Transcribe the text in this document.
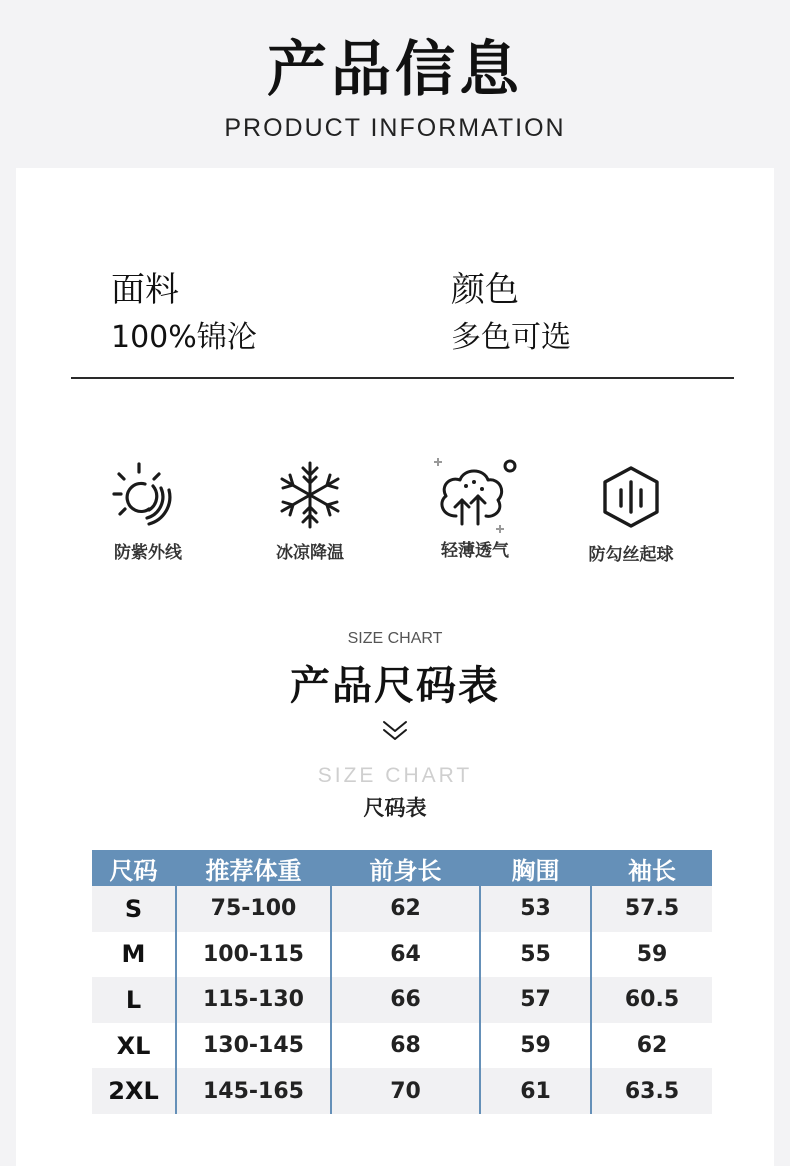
产品信息
PRODUCT INFORMATION
面料
100%锦沦
颜色
多色可选
防紫外线	冰凉降温	轻薄透气	防勾丝起球
SIZE CHART
产品尺码表
SIZE CHART
尺码表
尺码	推荐体重	前身长	胸围	袖长
S	75-100	62	53	57.5
M	100-115	64	55	59
L	115-130	66	57	60.5
XL	130-145	68	59	62
2XL	145-165	70	61	63.5
